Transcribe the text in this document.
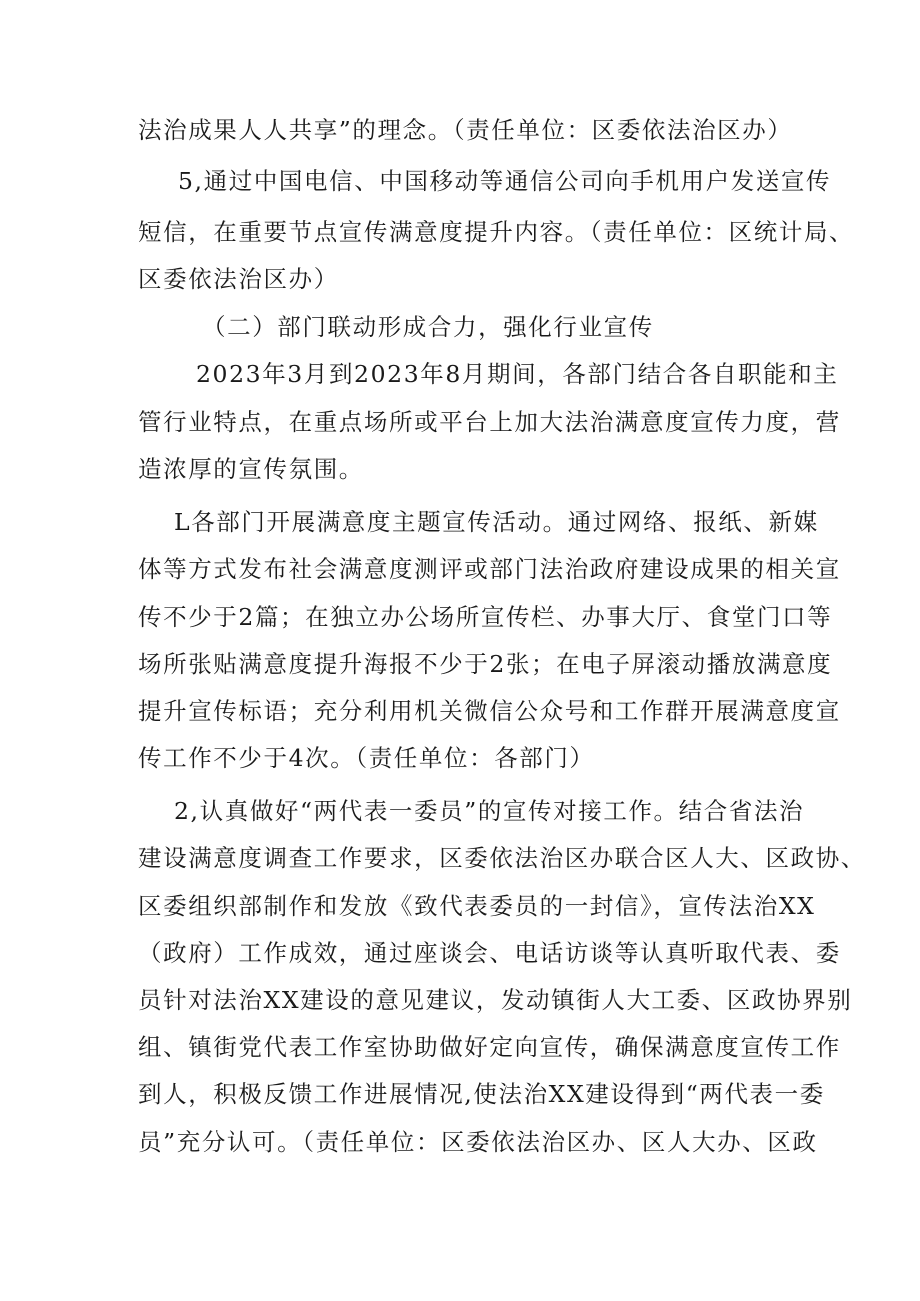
法治成果人人共享”的理念。（责任单位：区委依法治区办）
5,通过中国电信、中国移动等通信公司向手机用户发送宣传
短信，在重要节点宣传满意度提升内容。（责任单位：区统计局、
区委依法治区办）
（二）部门联动形成合力，强化行业宣传
2023年3月到2023年8月期间，各部门结合各自职能和主
管行业特点，在重点场所或平台上加大法治满意度宣传力度，营
造浓厚的宣传氛围。
L各部门开展满意度主题宣传活动。通过网络、报纸、新媒
体等方式发布社会满意度测评或部门法治政府建设成果的相关宣
传不少于2篇；在独立办公场所宣传栏、办事大厅、食堂门口等
场所张贴满意度提升海报不少于2张；在电子屏滚动播放满意度
提升宣传标语；充分利用机关微信公众号和工作群开展满意度宣
传工作不少于4次。（责任单位：各部门）
2,认真做好“两代表一委员”的宣传对接工作。结合省法治
建设满意度调查工作要求，区委依法治区办联合区人大、区政协、
区委组织部制作和发放《致代表委员的一封信》，宣传法治XX
（政府）工作成效，通过座谈会、电话访谈等认真听取代表、委
员针对法治XX建设的意见建议，发动镇街人大工委、区政协界别
组、镇街党代表工作室协助做好定向宣传，确保满意度宣传工作
到人，积极反馈工作进展情况,使法治XX建设得到“两代表一委
员”充分认可。（责任单位：区委依法治区办、区人大办、区政
